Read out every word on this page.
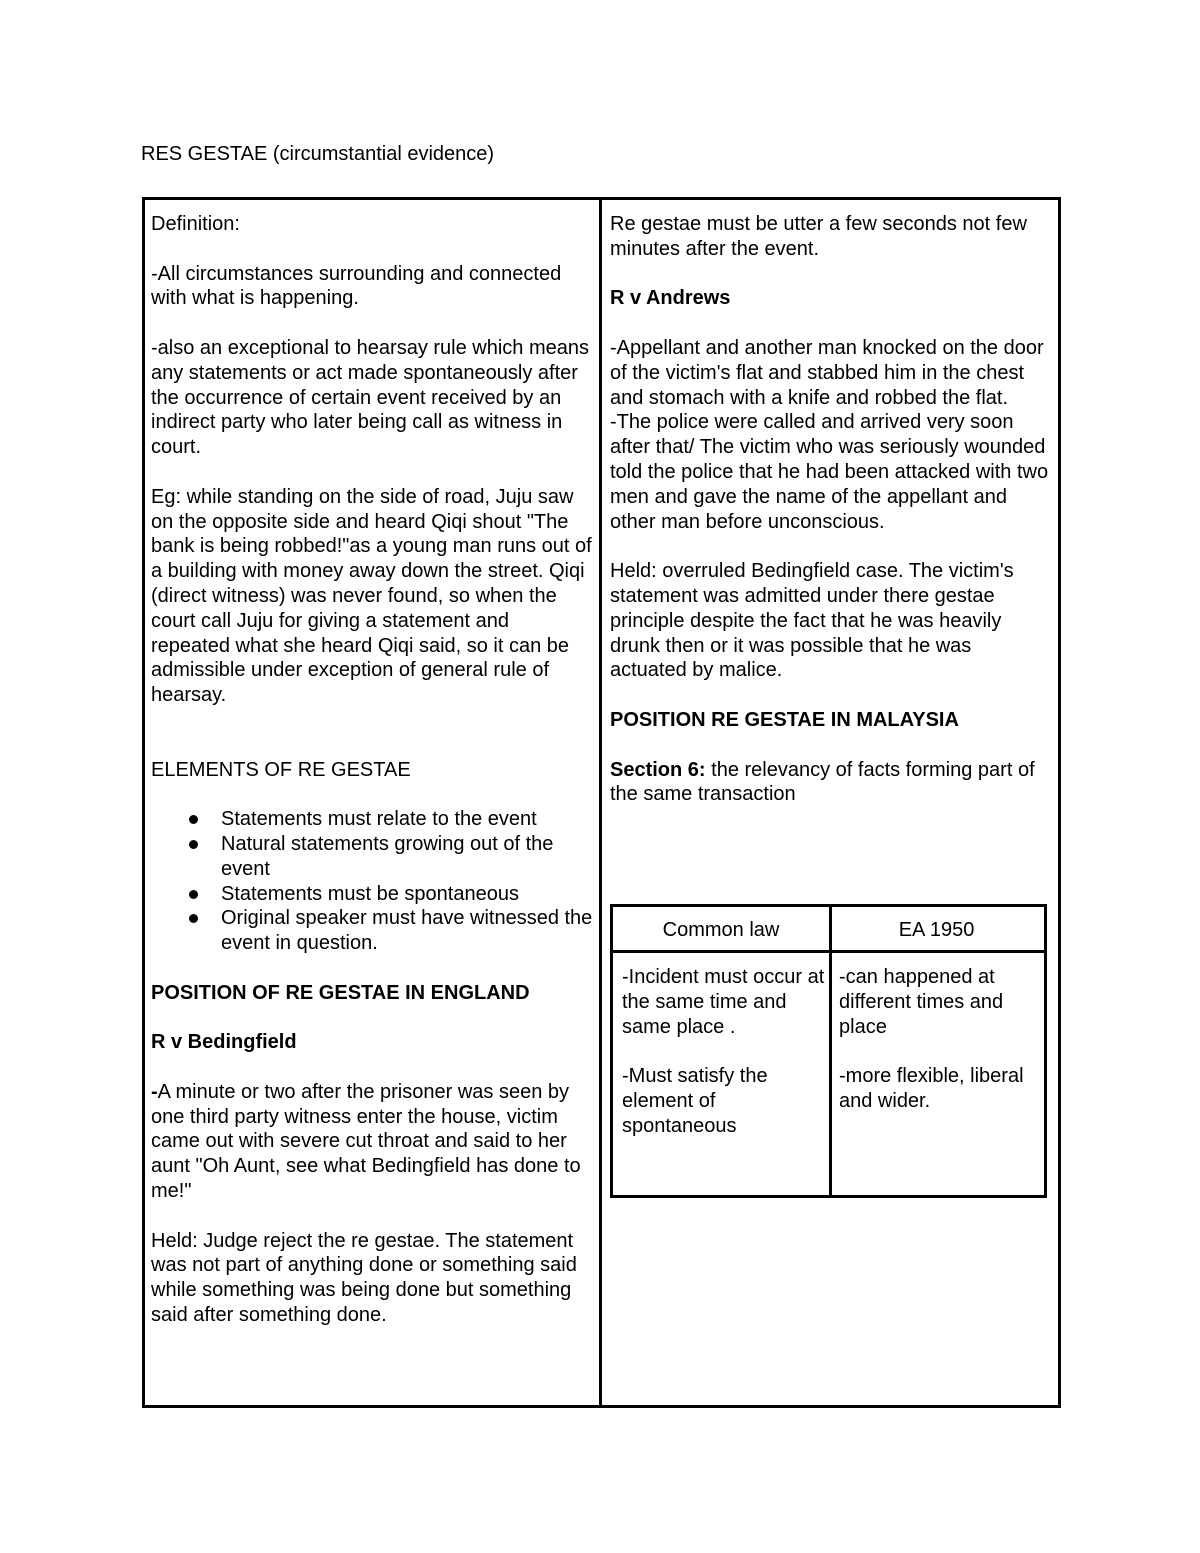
RES GESTAE (circumstantial evidence)

Definition:

-All circumstances surrounding and connected with what is happening.

-also an exceptional to hearsay rule which means any statements or act made spontaneously after the occurrence of certain event received by an indirect party who later being call as witness in court.

Eg: while standing on the side of road, Juju saw on the opposite side and heard Qiqi shout "The bank is being robbed!"as a young man runs out of a building with money away down the street. Qiqi (direct witness) was never found, so when the court call Juju for giving a statement and repeated what she heard Qiqi said, so it can be admissible under exception of general rule of hearsay.

ELEMENTS OF RE GESTAE

Statements must relate to the event
Natural statements growing out of the event
Statements must be spontaneous
Original speaker must have witnessed the event in question.

POSITION OF RE GESTAE IN ENGLAND

R v Bedingfield

-A minute or two after the prisoner was seen by one third party witness enter the house, victim came out with severe cut throat and said to her aunt "Oh Aunt, see what Bedingfield has done to me!"

Held: Judge reject the re gestae. The statement was not part of anything done or something said while something was being done but something said after something done.

Re gestae must be utter a few seconds not few minutes after the event.

R v Andrews

-Appellant and another man knocked on the door of the victim's flat and stabbed him in the chest and stomach with a knife and robbed the flat.

-The police were called and arrived very soon after that/ The victim who was seriously wounded told the police that he had been attacked with two men and gave the name of the appellant and other man before unconscious.

Held: overruled Bedingfield case. The victim's statement was admitted under there gestae principle despite the fact that he was heavily drunk then or it was possible that he was actuated by malice.

POSITION RE GESTAE IN MALAYSIA

Section 6: the relevancy of facts forming part of the same transaction

Common law	EA 1950

-Incident must occur at the same time and same place .

-Must satisfy the element of spontaneous

-can happened at different times and place

-more flexible, liberal and wider.
